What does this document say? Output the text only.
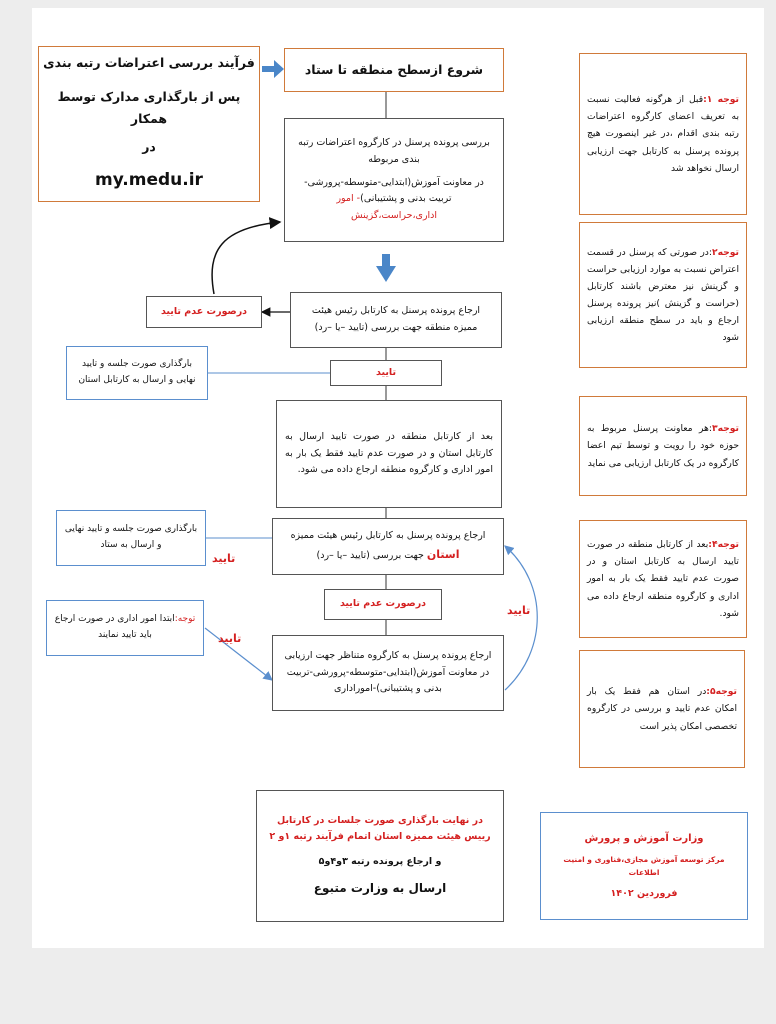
فرآیند بررسی اعتراضات رتبه بندی

پس از بارگذاری مدارک توسط همکار

در

my.medu.ir

شروع ازسطح منطقه تا ستاد

بررسی پرونده پرسنل در کارگروه اعتراضات رتبه بندی مربوطه

در معاونت آموزش(ابتدایی-متوسطه-پرورشی-تربیت بدنی و پشتیبانی)- امور اداری،حراست،گزینش

ارجاع پرونده پرسنل به کارتابل رئیس هیئت ممیزه منطقه جهت بررسی (تایید –یا –رد)

درصورت عدم تایید

تایید

بارگذاری صورت جلسه و تایید نهایی و ارسال به کارتابل استان

بعد از کارتابل منطقه در صورت تایید ارسال به کارتابل استان و در صورت عدم تایید فقط یک بار به امور اداری و کارگروه منطقه ارجاع داده می شود.

ارجاع پرونده پرسنل به کارتابل رئیس هیئت ممیزه استان جهت بررسی (تایید –یا –رد)

بارگذاری صورت جلسه و تایید نهایی و ارسال به ستاد

تایید

درصورت عدم تایید

تایید

توجه:ابتدا امور اداری در صورت ارجاع باید تایید نمایند	تایید

ارجاع پرونده پرسنل به کارگروه متناظر جهت ارزیابی در معاونت آموزش(ابتدایی-متوسطه-پرورشی-تربیت بدنی و پشتیبانی)-اموراداری

در نهایت بارگذاری صورت جلسات در کارتابل رییس هیئت ممیزه استان اتمام فرآیند رتبه ۱و ۲

و ارجاع پرونده رتبه ۳و۴و۵

ارسال به وزارت متبوع

توجه ۱:قبل از هرگونه فعالیت نسبت به تعریف اعضای کارگروه اعتراضات رتبه بندی اقدام ،در غیر اینصورت هیچ پرونده پرسنل به کارتابل جهت ارزیابی ارسال نخواهد شد

توجه۲:در صورتی که پرسنل در قسمت اعتراض نسبت به موارد ارزیابی حراست و گزینش نیز معترض باشند کارتابل (حراست و گزینش )نیز پرونده پرسنل ارجاع و باید در سطح منطقه ارزیابی شود

توجه۳:هر معاونت پرسنل مربوط به حوزه خود را رویت و توسط تیم اعضا کارگروه در یک کارتابل ارزیابی می نماید

توجه۴:بعد از کارتابل منطقه در صورت تایید ارسال به کارتابل استان و در صورت عدم تایید فقط یک بار به امور اداری و کارگروه منطقه ارجاع داده می شود.

توجه۵:در استان هم فقط یک بار امکان عدم تایید و بررسی در کارگروه تخصصی امکان پذیر است

وزارت آموزش و پرورش

مرکز توسعه آموزش مجازی،فناوری و امنیت اطلاعات

فروردین ۱۴۰۲
